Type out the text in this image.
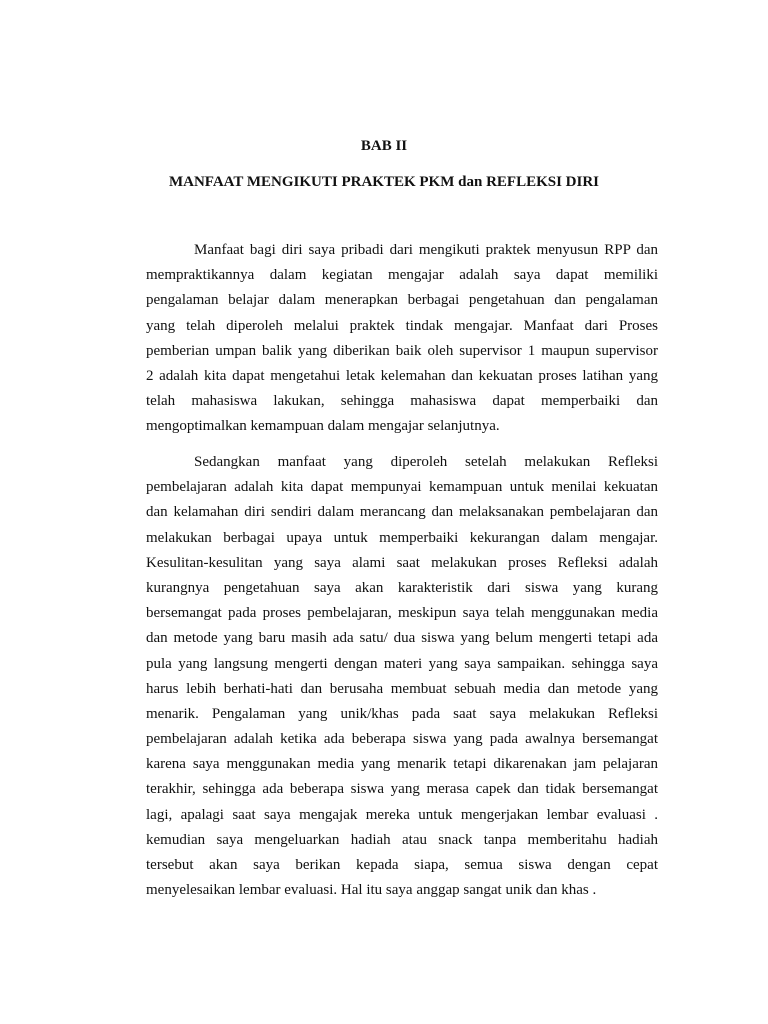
BAB II
MANFAAT MENGIKUTI PRAKTEK PKM dan REFLEKSI DIRI

Manfaat bagi diri saya pribadi dari mengikuti praktek menyusun RPP dan
mempraktikannya dalam kegiatan mengajar adalah saya dapat memiliki
pengalaman belajar dalam menerapkan berbagai pengetahuan dan pengalaman
yang telah diperoleh melalui praktek tindak mengajar. Manfaat dari Proses
pemberian umpan balik yang diberikan baik oleh supervisor 1 maupun supervisor
2 adalah kita dapat mengetahui letak kelemahan dan kekuatan proses latihan yang
telah mahasiswa lakukan, sehingga mahasiswa dapat memperbaiki dan
mengoptimalkan kemampuan dalam mengajar selanjutnya.

Sedangkan manfaat yang diperoleh setelah melakukan Refleksi
pembelajaran adalah kita dapat mempunyai kemampuan untuk menilai kekuatan
dan kelamahan diri sendiri dalam merancang dan melaksanakan pembelajaran dan
melakukan berbagai upaya untuk memperbaiki kekurangan dalam mengajar.
Kesulitan-kesulitan yang saya alami saat melakukan proses Refleksi adalah
kurangnya pengetahuan saya akan karakteristik dari siswa yang kurang
bersemangat pada proses pembelajaran, meskipun saya telah menggunakan media
dan metode yang baru masih ada satu/ dua siswa yang belum mengerti tetapi ada
pula yang langsung mengerti dengan materi yang saya sampaikan. sehingga saya
harus lebih berhati-hati dan berusaha membuat sebuah media dan metode yang
menarik. Pengalaman yang unik/khas pada saat saya melakukan Refleksi
pembelajaran adalah ketika ada beberapa siswa yang pada awalnya bersemangat
karena saya menggunakan media yang menarik tetapi dikarenakan jam pelajaran
terakhir, sehingga ada beberapa siswa yang merasa capek dan tidak bersemangat
lagi, apalagi saat saya mengajak mereka untuk mengerjakan lembar evaluasi .
kemudian saya mengeluarkan hadiah atau snack tanpa memberitahu hadiah
tersebut akan saya berikan kepada siapa, semua siswa dengan cepat
menyelesaikan lembar evaluasi. Hal itu saya anggap sangat unik dan khas .
